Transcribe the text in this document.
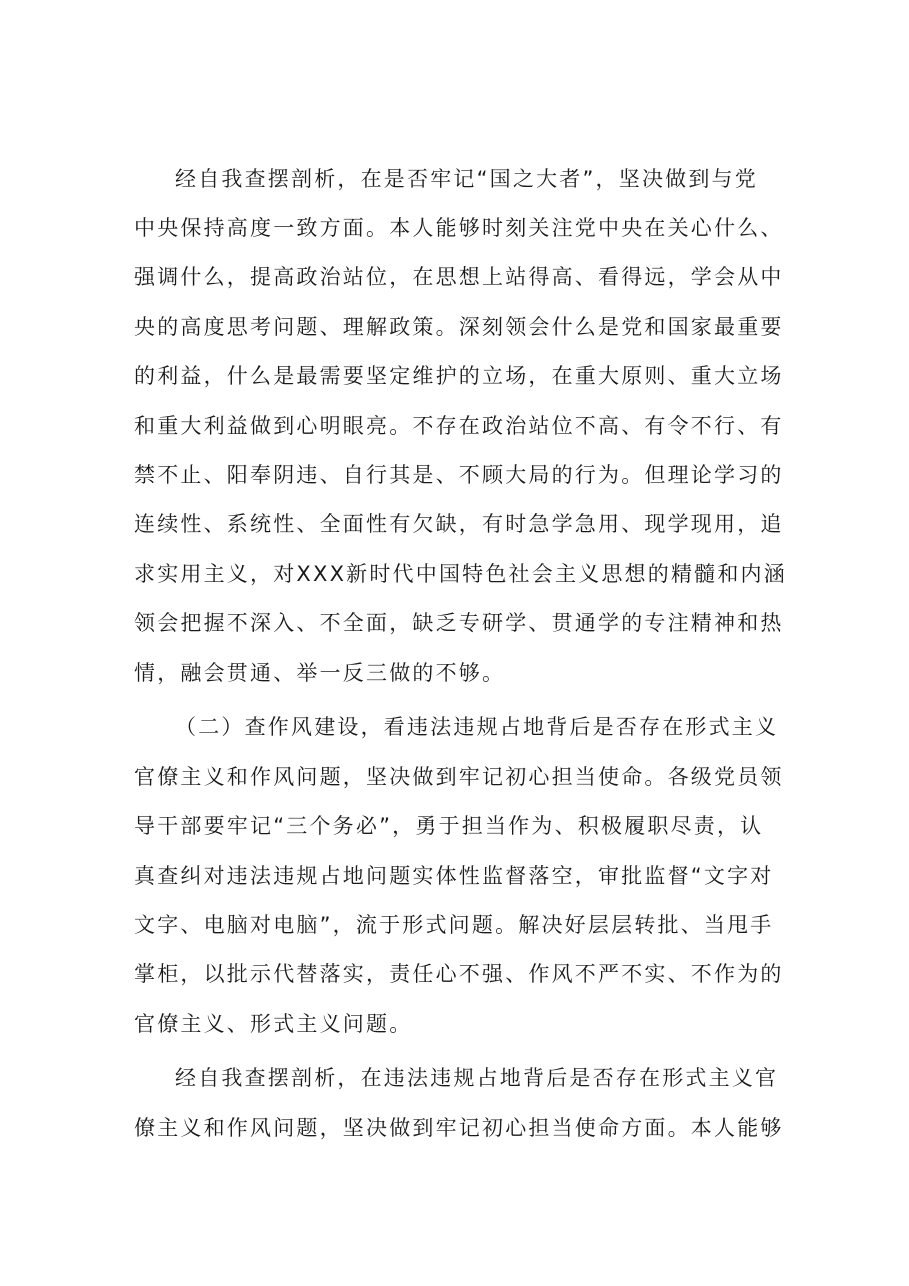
经自我查摆剖析，在是否牢记“国之大者”，坚决做到与党
中央保持高度一致方面。本人能够时刻关注党中央在关心什么、
强调什么，提高政治站位，在思想上站得高、看得远，学会从中
央的高度思考问题、理解政策。深刻领会什么是党和国家最重要
的利益，什么是最需要坚定维护的立场，在重大原则、重大立场
和重大利益做到心明眼亮。不存在政治站位不高、有令不行、有
禁不止、阳奉阴违、自行其是、不顾大局的行为。但理论学习的
连续性、系统性、全面性有欠缺，有时急学急用、现学现用，追
求实用主义，对XXX新时代中国特色社会主义思想的精髓和内涵
领会把握不深入、不全面，缺乏专研学、贯通学的专注精神和热
情，融会贯通、举一反三做的不够。
（二）查作风建设，看违法违规占地背后是否存在形式主义
官僚主义和作风问题，坚决做到牢记初心担当使命。各级党员领
导干部要牢记“三个务必”，勇于担当作为、积极履职尽责，认
真查纠对违法违规占地问题实体性监督落空，审批监督“文字对
文字、电脑对电脑”，流于形式问题。解决好层层转批、当甩手
掌柜，以批示代替落实，责任心不强、作风不严不实、不作为的
官僚主义、形式主义问题。
经自我查摆剖析，在违法违规占地背后是否存在形式主义官
僚主义和作风问题，坚决做到牢记初心担当使命方面。本人能够
